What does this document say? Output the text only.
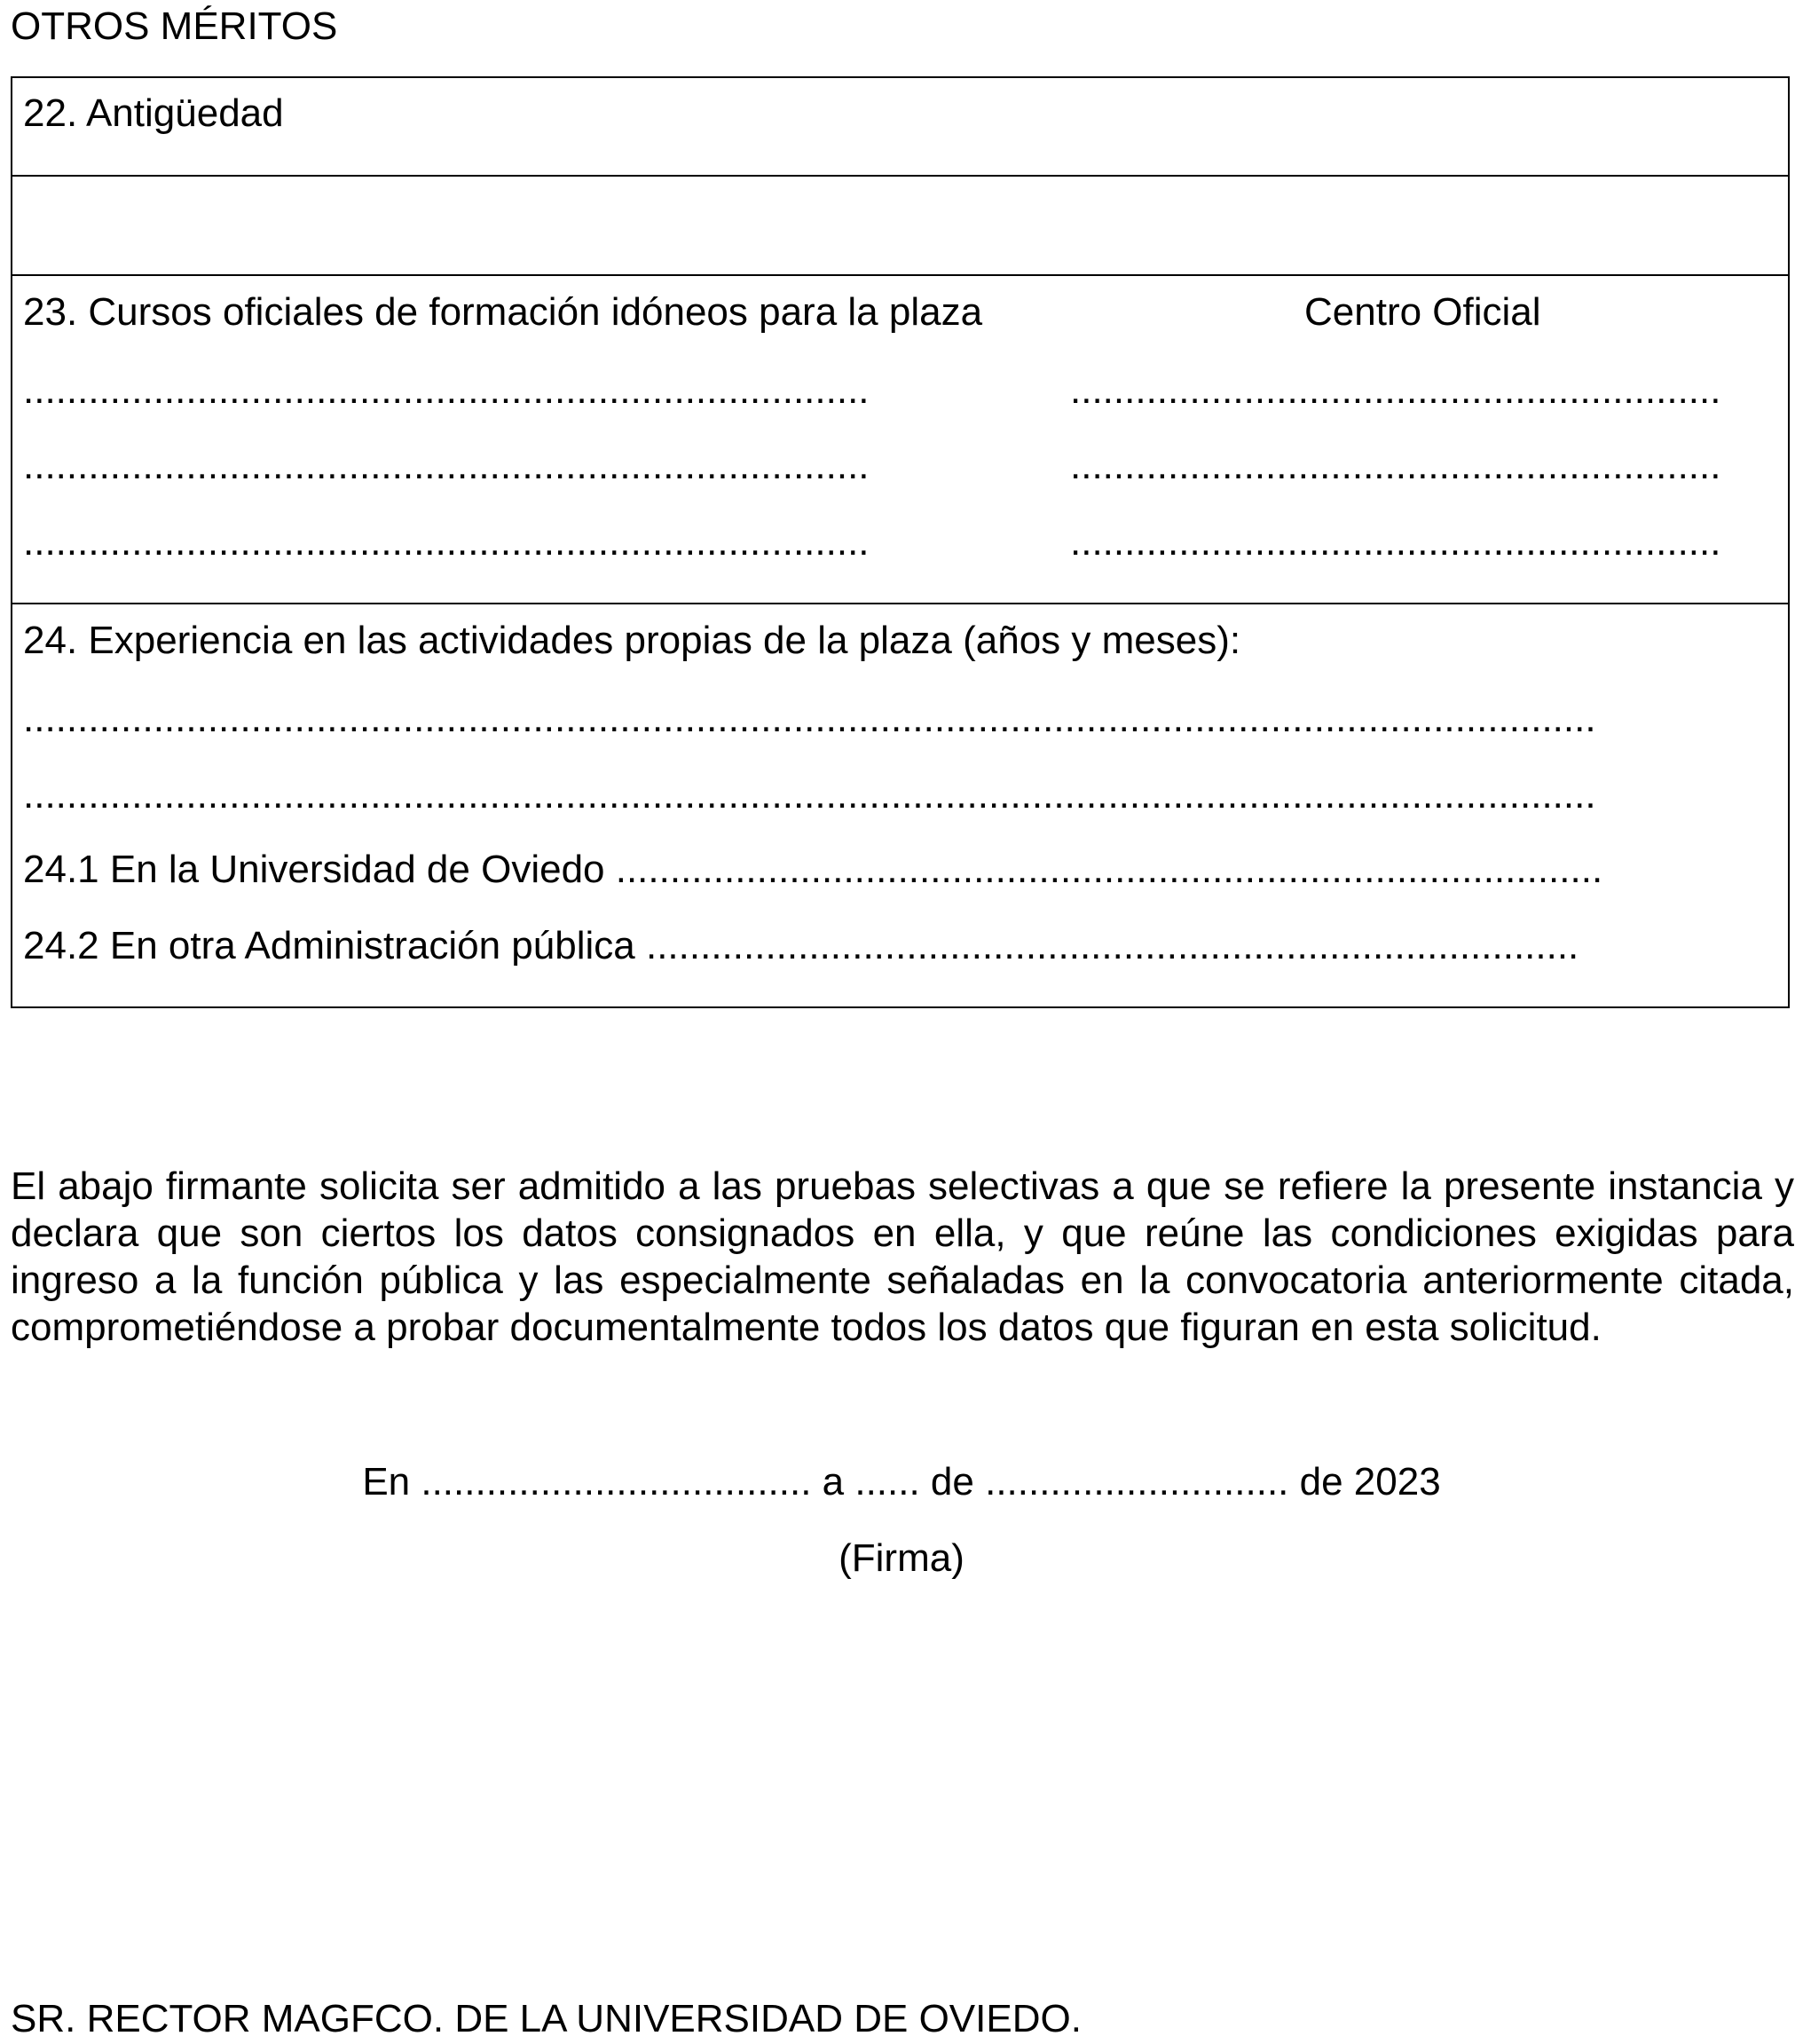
OTROS MÉRITOS
22. Antigüedad
23. Cursos oficiales de formación idóneos para la plaza	Centro Oficial
..............................................................................
..............................................................................
..............................................................................
............................................................
............................................................
............................................................
24. Experiencia en las actividades propias de la plaza (años y meses):
.................................................................................................................................................
.................................................................................................................................................
24.1 En la Universidad de Oviedo ...........................................................................................
24.2 En otra Administración pública ......................................................................................
El abajo firmante solicita ser admitido a las pruebas selectivas a que se refiere la presente instancia y declara que son ciertos los datos consignados en ella, y que reúne las condiciones exigidas para ingreso a la función pública y las especialmente señaladas en la convocatoria anteriormente citada, comprometiéndose a probar documentalmente todos los datos que figuran en esta solicitud.
En .................................... a ...... de ............................ de 2023
(Firma)
SR. RECTOR MAGFCO. DE LA UNIVERSIDAD DE OVIEDO.
